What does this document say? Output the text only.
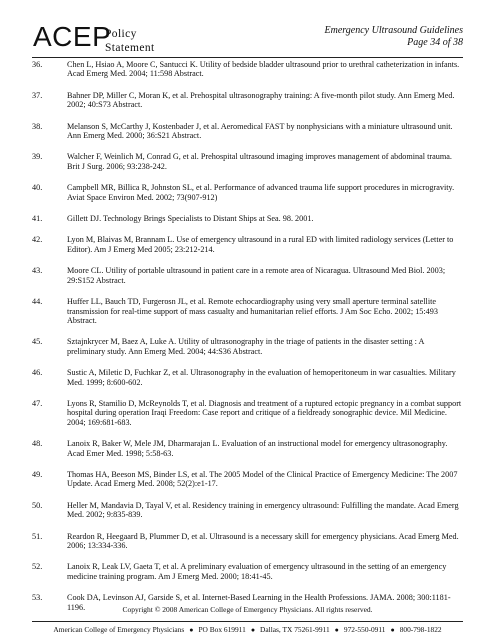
ACEP
Policy
Statement
Emergency Ultrasound Guidelines
Page 34 of 38
36.	Chen L, Hsiao A, Moore C, Santucci K. Utility of bedside bladder ultrasound prior to urethral catheterization in infants. Acad Emerg Med. 2004; 11:598 Abstract.
37.	Bahner DP, Miller C, Moran K, et al. Prehospital ultrasonography training: A five-month pilot study. Ann Emerg Med. 2002; 40:S73 Abstract.
38.	Melanson S, McCarthy J, Kostenbader J, et al. Aeromedical FAST by nonphysicians with a miniature ultrasound unit. Ann Emerg Med. 2000; 36:S21 Abstract.
39.	Walcher F, Weinlich M, Conrad G, et al. Prehospital ultrasound imaging improves management of abdominal trauma. Brit J Surg. 2006; 93:238-242.
40.	Campbell MR, Billica R, Johnston SL, et al. Performance of advanced trauma life support procedures in microgravity. Aviat Space Environ Med. 2002; 73(907-912)
41.	Gillett DJ. Technology Brings Specialists to Distant Ships at Sea. 98. 2001.
42.	Lyon M, Blaivas M, Brannam L. Use of emergency ultrasound in a rural ED with limited radiology services (Letter to Editor). Am J Emerg Med 2005; 23:212-214.
43.	Moore CL. Utility of portable ultrasound in patient care in a remote area of Nicaragua. Ultrasound Med Biol. 2003; 29:S152 Abstract.
44.	Huffer LL, Bauch TD, Furgerosn JL, et al. Remote echocardiography using very small aperture terminal satellite transmission for real-time support of mass casualty and humanitarian relief efforts. J Am Soc Echo. 2002; 15:493 Abstract.
45.	Sztajnkrycer M, Baez A, Luke A. Utility of ultrasonography in the triage of patients in the disaster setting : A preliminary study. Ann Emerg Med. 2004; 44:S36 Abstract.
46.	Sustic A, Miletic D, Fuchkar Z, et al. Ultrasonography in the evaluation of hemoperitoneum in war casualties. Military Med. 1999; 8:600-602.
47.	Lyons R, Stamilio D, McReynolds T, et al. Diagnosis and treatment of a ruptured ectopic pregnancy in a combat support hospital during operation Iraqi Freedom: Case report and critique of a fieldready sonographic device. Mil Medicine. 2004; 169:681-683.
48.	Lanoix R, Baker W, Mele JM, Dharmarajan L. Evaluation of an instructional model for emergency ultrasonography. Acad Emer Med. 1998; 5:58-63.
49.	Thomas HA, Beeson MS, Binder LS, et al. The 2005 Model of the Clinical Practice of Emergency Medicine: The 2007 Update. Acad Emerg Med. 2008; 52(2):e1-17.
50.	Heller M, Mandavia D, Tayal V, et al. Residency training in emergency ultrasound: Fulfilling the mandate. Acad Emerg Med. 2002; 9:835-839.
51.	Reardon R, Heegaard B, Plummer D, et al. Ultrasound is a necessary skill for emergency physicians. Acad Emerg Med. 2006; 13:334-336.
52.	Lanoix R, Leak LV, Gaeta T, et al. A preliminary evaluation of emergency ultrasound in the setting of an emergency medicine training program. Am J Emerg Med. 2000; 18:41-45.
53.	Cook DA, Levinson AJ, Garside S, et al. Internet-Based Learning in the Health Professions. JAMA. 2008; 300:1181-1196.	Copyright © 2008 American College of Emergency Physicians. All rights reserved.
American College of Emergency Physicians ● PO Box 619911 ● Dallas, TX 75261-9911 ● 972-550-0911 ● 800-798-1822
